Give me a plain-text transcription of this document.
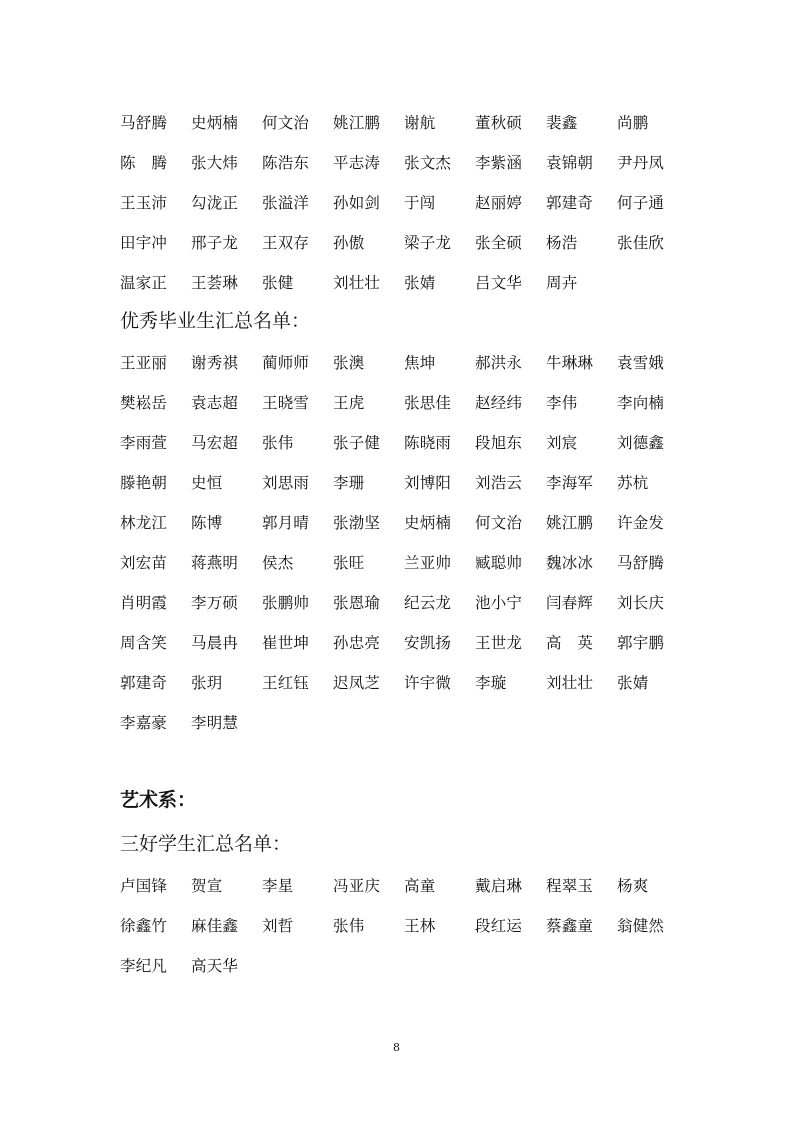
马舒腾	史炳楠	何文治	姚江鹏	谢航	董秋硕	裴鑫	尚鹏
陈　腾	张大炜	陈浩东	平志涛	张文杰	李紫涵	袁锦朝	尹丹凤
王玉沛	勾泷正	张溢洋	孙如剑	于闯	赵丽婷	郭建奇	何子通
田宇冲	邢子龙	王双存	孙傲	梁子龙	张全硕	杨浩	张佳欣
温家正	王荟琳	张健	刘壮壮	张婧	吕文华	周卉
优秀毕业生汇总名单：
王亚丽	谢秀祺	蔺师师	张澳	焦坤	郝洪永	牛琳琳	袁雪娥
樊崧岳	袁志超	王晓雪	王虎	张思佳	赵经纬	李伟	李向楠
李雨萱	马宏超	张伟	张子健	陈晓雨	段旭东	刘宸	刘德鑫
滕艳朝	史恒	刘思雨	李珊	刘博阳	刘浩云	李海军	苏杭
林龙江	陈博	郭月晴	张渤坚	史炳楠	何文治	姚江鹏	许金发
刘宏苗	蒋燕明	侯杰	张旺	兰亚帅	臧聪帅	魏冰冰	马舒腾
肖明霞	李万硕	张鹏帅	张恩瑜	纪云龙	池小宁	闫春辉	刘长庆
周含笑	马晨冉	崔世坤	孙忠亮	安凯扬	王世龙	高　英	郭宇鹏
郭建奇	张玥	王红钰	迟凤芝	许宇微	李璇	刘壮壮	张婧
李嘉豪	李明慧
艺术系：
三好学生汇总名单：
卢国锋	贺宣	李星	冯亚庆	高童	戴启琳	程翠玉	杨爽
徐鑫竹	麻佳鑫	刘哲	张伟	王林	段红运	蔡鑫童	翁健然
李纪凡	高天华
8
